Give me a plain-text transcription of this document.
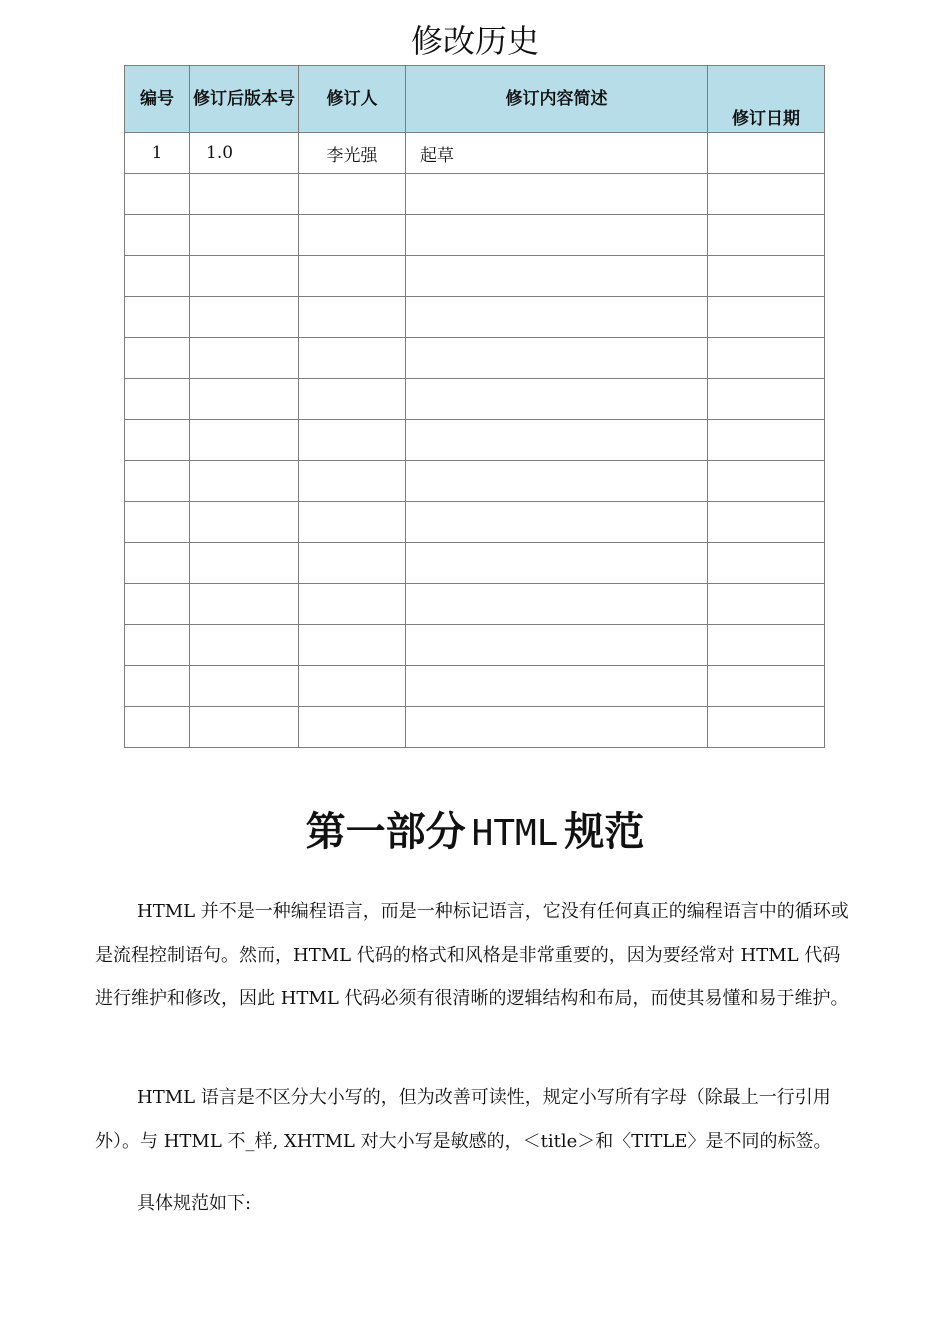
修改历史
编号	修订后版本号	修订人	修订内容简述	修订日期
1	1.0	李光强	起草	

第一部分 HTML 规范

HTML 并不是一种编程语言，而是一种标记语言，它没有任何真正的编程语言中的循环或是流程控制语句。然而，HTML 代码的格式和风格是非常重要的，因为要经常对 HTML 代码进行维护和修改，因此 HTML 代码必须有很清晰的逻辑结构和布局，而使其易懂和易于维护。

HTML 语言是不区分大小写的，但为改善可读性，规定小写所有字母（除最上一行引用外）。与 HTML 不_样, XHTML 对大小写是敏感的，＜title＞和〈TITLE〉是不同的标签。

具体规范如下:
